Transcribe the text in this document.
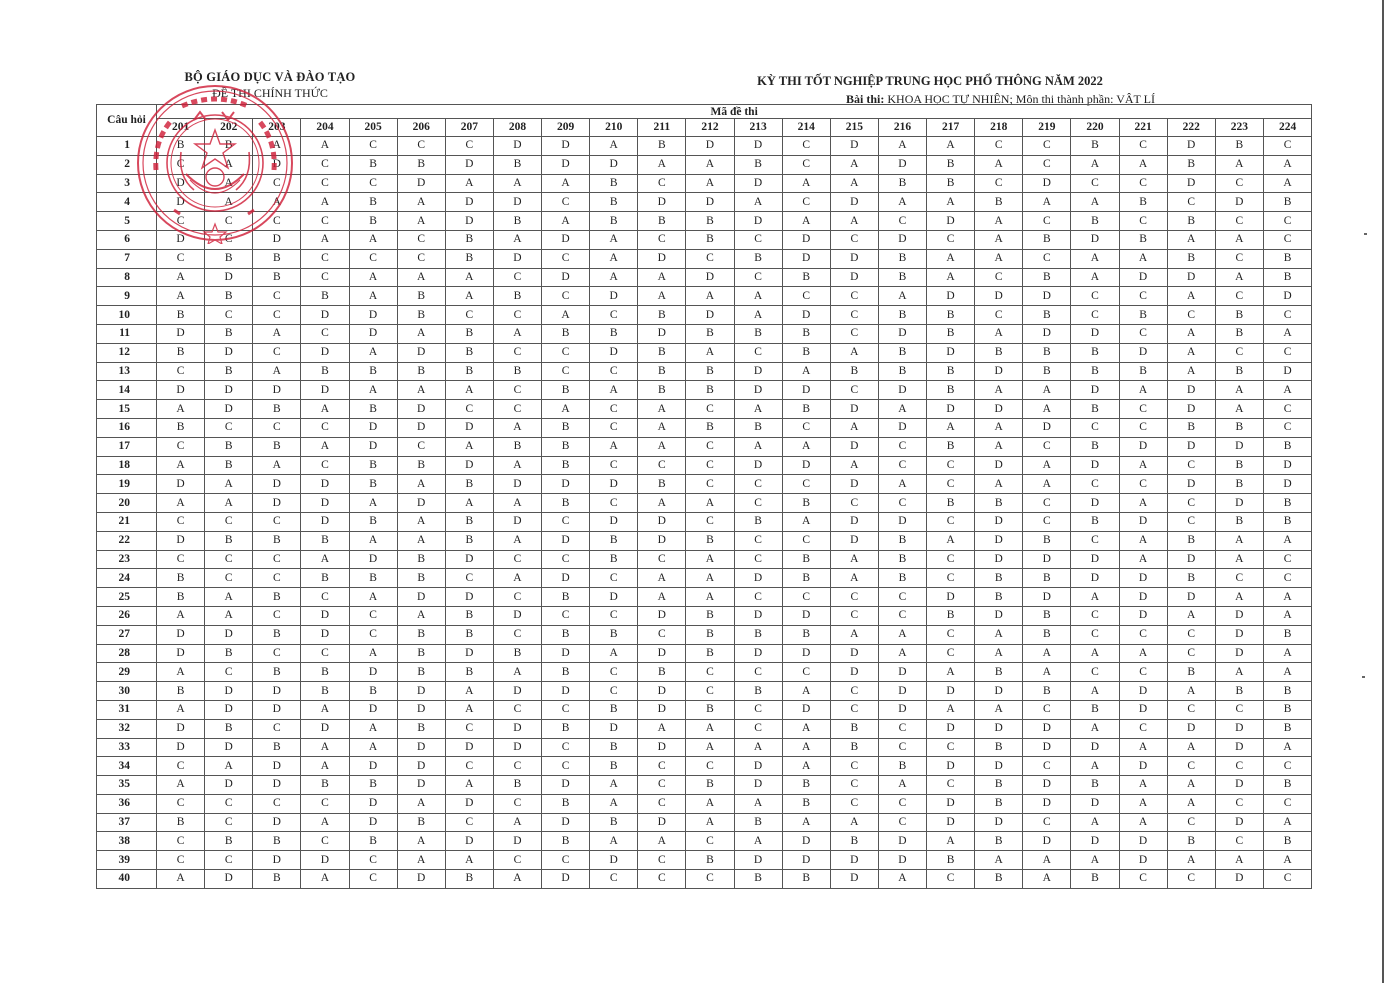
BỘ GIÁO DỤC VÀ ĐÀO TẠO
ĐỀ THI CHÍNH THỨC
KỲ THI TỐT NGHIỆP TRUNG HỌC PHỔ THÔNG NĂM 2022
Bài thi: KHOA HỌC TỰ NHIÊN; Môn thi thành phần: VẬT LÍ
Câu hỏi	Mã đề thi																							
	201	202	203	204	205	206	207	208	209	210	211	212	213	214	215	216	217	218	219	220	221	222	223	224
1	B	B	A	A	C	C	C	D	D	A	B	D	D	C	D	A	A	C	C	B	C	D	B	C
2	C	A	D	C	B	B	D	B	D	D	A	A	B	C	A	D	B	A	C	A	A	B	A	A
3	D	A	C	C	C	D	A	A	A	B	C	A	D	A	A	B	B	C	D	C	C	D	C	A
4	D	A	A	A	B	A	D	D	C	B	D	D	A	C	D	A	A	B	A	A	B	C	D	B
5	C	C	C	C	B	A	D	B	A	B	B	B	D	A	A	C	D	A	C	B	C	B	C	C
6	D	C	D	A	A	C	B	A	D	A	C	B	C	D	C	D	C	A	B	D	B	A	A	C
7	C	B	B	C	C	C	B	D	C	A	D	C	B	D	D	B	A	A	C	A	A	B	C	B
8	A	D	B	C	A	A	A	C	D	A	A	D	C	B	D	B	A	C	B	A	D	D	A	B
9	A	B	C	B	A	B	A	B	C	D	A	A	A	C	C	A	D	D	D	C	C	A	C	D
10	B	C	C	D	D	B	C	C	A	C	B	D	A	D	C	B	B	C	B	C	B	C	B	C
11	D	B	A	C	D	A	B	A	B	B	D	B	B	B	C	D	B	A	D	D	C	A	B	A
12	B	D	C	D	A	D	B	C	C	D	B	A	C	B	A	B	D	B	B	B	D	A	C	C
13	C	B	A	B	B	B	B	B	C	C	B	B	D	A	B	B	B	D	B	B	B	A	B	D
14	D	D	D	D	A	A	A	C	B	A	B	B	D	D	C	D	B	A	A	D	A	D	A	A
15	A	D	B	A	B	D	C	C	A	C	A	C	A	B	D	A	D	D	A	B	C	D	A	C
16	B	C	C	C	D	D	D	A	B	C	A	B	B	C	A	D	A	A	D	C	C	B	B	C
17	C	B	B	A	D	C	A	B	B	A	A	C	A	A	D	C	B	A	C	B	D	D	D	B
18	A	B	A	C	B	B	D	A	B	C	C	C	D	D	A	C	C	D	A	D	A	C	B	D
19	D	A	D	D	B	A	B	D	D	D	B	C	C	C	D	A	C	A	A	C	C	D	B	D
20	A	A	D	D	A	D	A	A	B	C	A	A	C	B	C	C	B	B	C	D	A	C	D	B
21	C	C	C	D	B	A	B	D	C	D	D	C	B	A	D	D	C	D	C	B	D	C	B	B
22	D	B	B	B	A	A	B	A	D	B	D	B	C	C	D	B	A	D	B	C	A	B	A	A
23	C	C	C	A	D	B	D	C	C	B	C	A	C	B	A	B	C	D	D	D	A	D	A	C
24	B	C	C	B	B	B	C	A	D	C	A	A	D	B	A	B	C	B	B	D	D	B	C	C
25	B	A	B	C	A	D	D	C	B	D	A	A	C	C	C	C	D	B	D	A	D	D	A	A
26	A	A	C	D	C	A	B	D	C	C	D	B	D	D	C	C	B	D	B	C	D	A	D	A
27	D	D	B	D	C	B	B	C	B	B	C	B	B	B	A	A	C	A	B	C	C	C	D	B
28	D	B	C	C	A	B	D	B	D	A	D	B	D	D	D	A	C	A	A	A	A	C	D	A
29	A	C	B	B	D	B	B	A	B	C	B	C	C	C	D	D	A	B	A	C	C	B	A	A
30	B	D	D	B	B	D	A	D	D	C	D	C	B	A	C	D	D	D	B	A	D	A	B	B
31	A	D	D	A	D	D	A	C	C	B	D	B	C	D	C	D	A	A	C	B	D	C	C	B
32	D	B	C	D	A	B	C	D	B	D	A	A	C	A	B	C	D	D	D	A	C	D	D	B
33	D	D	B	A	A	D	D	D	C	B	D	A	A	A	B	C	C	B	D	D	A	A	D	A
34	C	A	D	A	D	D	C	C	C	B	C	C	D	A	C	B	D	D	C	A	D	C	C	C
35	A	D	D	B	B	D	A	B	D	A	C	B	D	B	C	A	C	B	D	B	A	A	D	B
36	C	C	C	C	D	A	D	C	B	A	C	A	A	B	C	C	D	B	D	D	A	A	C	C
37	B	C	D	A	D	B	C	A	D	B	D	A	B	A	A	C	D	D	C	A	A	C	D	A
38	C	B	B	C	B	A	D	D	B	A	A	C	A	D	B	D	A	B	D	D	D	B	C	B
39	C	C	D	D	C	A	A	C	C	D	C	B	D	D	D	D	B	A	A	A	D	A	A	A
40	A	D	B	A	C	D	B	A	D	C	C	C	B	B	D	A	C	B	A	B	C	C	D	C
